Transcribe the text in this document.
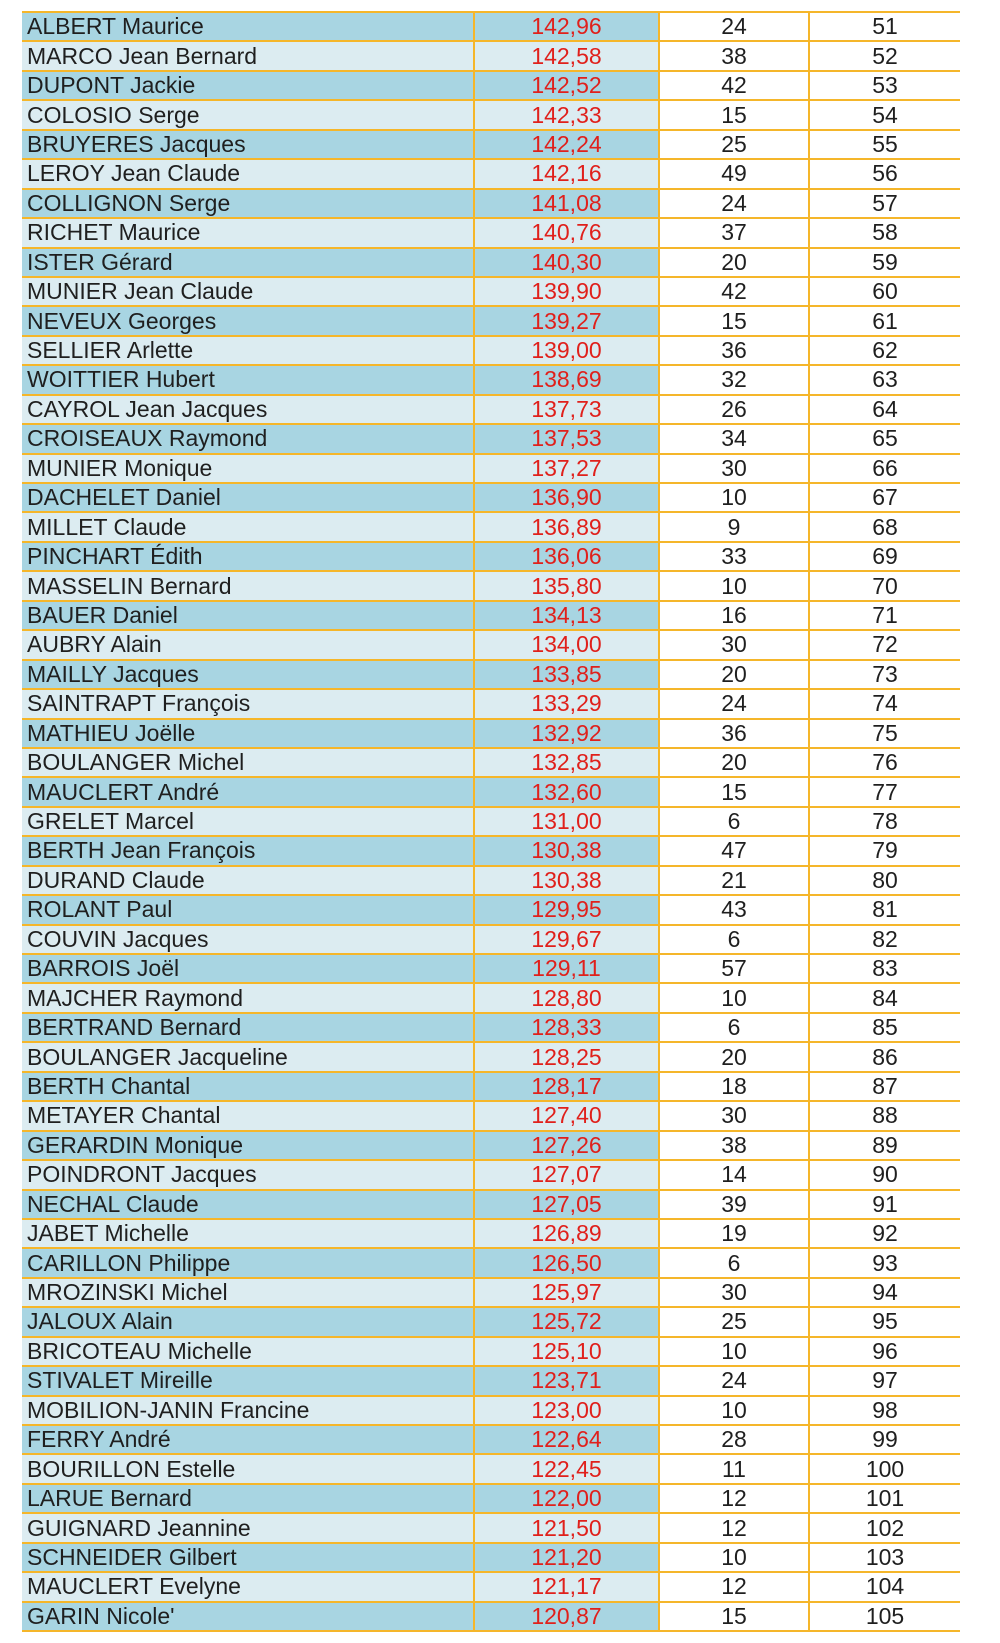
ALBERT Maurice	142,96	24	51
MARCO Jean Bernard	142,58	38	52
DUPONT Jackie	142,52	42	53
COLOSIO Serge	142,33	15	54
BRUYERES Jacques	142,24	25	55
LEROY Jean Claude	142,16	49	56
COLLIGNON Serge	141,08	24	57
RICHET Maurice	140,76	37	58
ISTER Gérard	140,30	20	59
MUNIER Jean Claude	139,90	42	60
NEVEUX Georges	139,27	15	61
SELLIER Arlette	139,00	36	62
WOITTIER Hubert	138,69	32	63
CAYROL Jean Jacques	137,73	26	64
CROISEAUX Raymond	137,53	34	65
MUNIER Monique	137,27	30	66
DACHELET Daniel	136,90	10	67
MILLET Claude	136,89	9	68
PINCHART Édith	136,06	33	69
MASSELIN Bernard	135,80	10	70
BAUER Daniel	134,13	16	71
AUBRY Alain	134,00	30	72
MAILLY Jacques	133,85	20	73
SAINTRAPT François	133,29	24	74
MATHIEU Joëlle	132,92	36	75
BOULANGER Michel	132,85	20	76
MAUCLERT André	132,60	15	77
GRELET Marcel	131,00	6	78
BERTH Jean François	130,38	47	79
DURAND Claude	130,38	21	80
ROLANT Paul	129,95	43	81
COUVIN Jacques	129,67	6	82
BARROIS Joël	129,11	57	83
MAJCHER Raymond	128,80	10	84
BERTRAND Bernard	128,33	6	85
BOULANGER Jacqueline	128,25	20	86
BERTH Chantal	128,17	18	87
METAYER Chantal	127,40	30	88
GERARDIN Monique	127,26	38	89
POINDRONT Jacques	127,07	14	90
NECHAL Claude	127,05	39	91
JABET Michelle	126,89	19	92
CARILLON Philippe	126,50	6	93
MROZINSKI Michel	125,97	30	94
JALOUX Alain	125,72	25	95
BRICOTEAU Michelle	125,10	10	96
STIVALET Mireille	123,71	24	97
MOBILION-JANIN Francine	123,00	10	98
FERRY André	122,64	28	99
BOURILLON Estelle	122,45	11	100
LARUE Bernard	122,00	12	101
GUIGNARD Jeannine	121,50	12	102
SCHNEIDER Gilbert	121,20	10	103
MAUCLERT Evelyne	121,17	12	104
GARIN Nicole'	120,87	15	105
